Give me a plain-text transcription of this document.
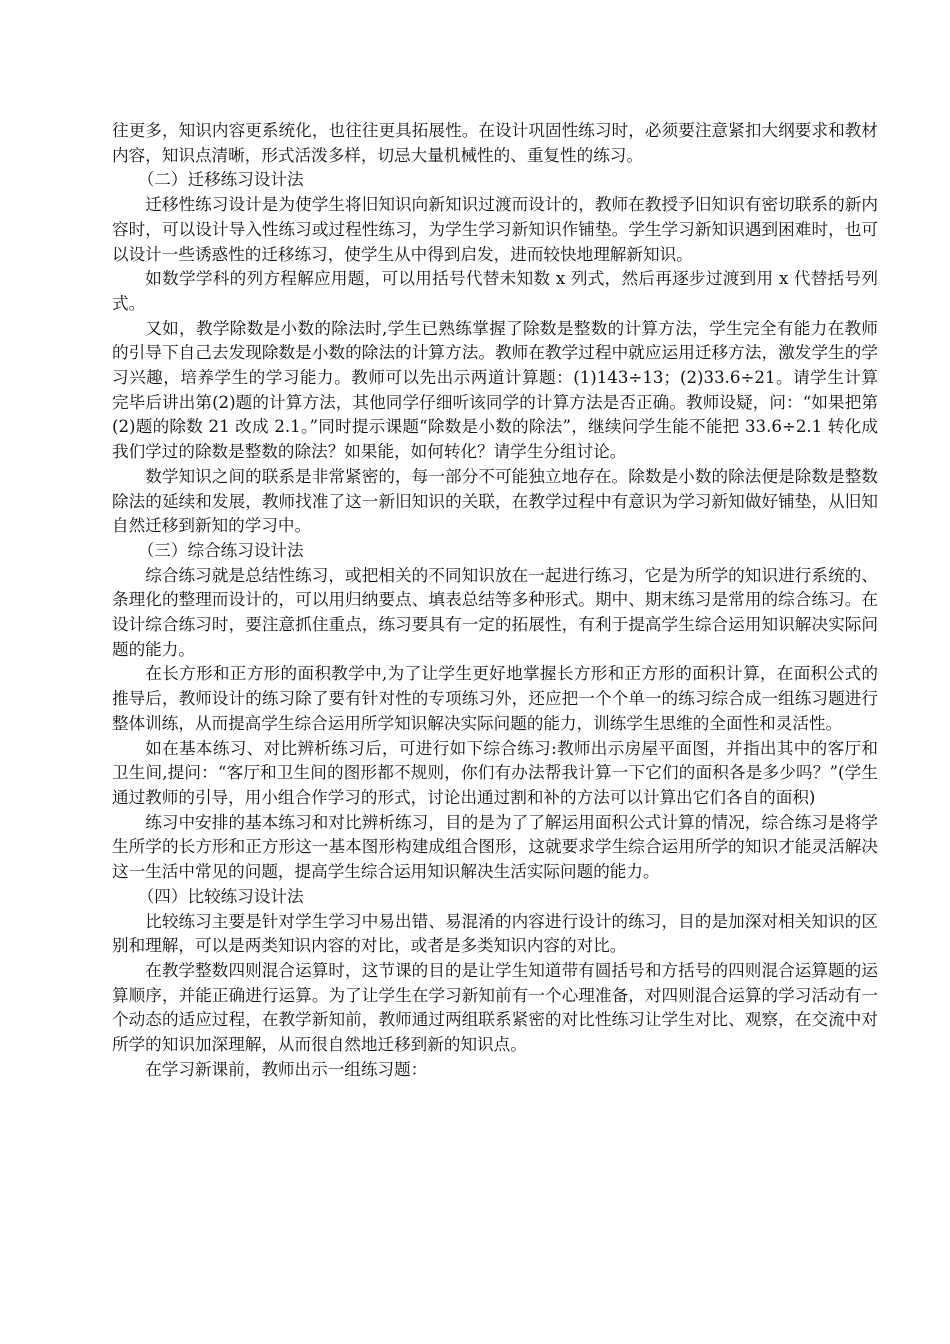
往更多，知识内容更系统化，也往往更具拓展性。在设计巩固性练习时，必须要注意紧扣大纲要求和教材内容，知识点清晰，形式活泼多样，切忌大量机械性的、重复性的练习。

（二）迁移练习设计法

迁移性练习设计是为使学生将旧知识向新知识过渡而设计的，教师在教授予旧知识有密切联系的新内容时，可以设计导入性练习或过程性练习，为学生学习新知识作铺垫。学生学习新知识遇到困难时，也可以设计一些诱惑性的迁移练习，使学生从中得到启发，进而较快地理解新知识。

如数学学科的列方程解应用题，可以用括号代替未知数 x 列式，然后再逐步过渡到用 x 代替括号列式。

又如，教学除数是小数的除法时,学生已熟练掌握了除数是整数的计算方法，学生完全有能力在教师的引导下自己去发现除数是小数的除法的计算方法。教师在教学过程中就应运用迁移方法，激发学生的学习兴趣，培养学生的学习能力。教师可以先出示两道计算题：(1)143÷13；(2)33.6÷21。请学生计算完毕后讲出第(2)题的计算方法，其他同学仔细听该同学的计算方法是否正确。教师设疑，问：“如果把第(2)题的除数 21 改成 2.1。”同时提示课题“除数是小数的除法”，继续问学生能不能把 33.6÷2.1 转化成我们学过的除数是整数的除法？如果能，如何转化？请学生分组讨论。

数学知识之间的联系是非常紧密的，每一部分不可能独立地存在。除数是小数的除法便是除数是整数除法的延续和发展，教师找准了这一新旧知识的关联，在教学过程中有意识为学习新知做好铺垫，从旧知自然迁移到新知的学习中。

（三）综合练习设计法

综合练习就是总结性练习，或把相关的不同知识放在一起进行练习，它是为所学的知识进行系统的、条理化的整理而设计的，可以用归纳要点、填表总结等多种形式。期中、期末练习是常用的综合练习。在设计综合练习时，要注意抓住重点，练习要具有一定的拓展性，有利于提高学生综合运用知识解决实际问题的能力。

在长方形和正方形的面积教学中,为了让学生更好地掌握长方形和正方形的面积计算，在面积公式的推导后，教师设计的练习除了要有针对性的专项练习外，还应把一个个单一的练习综合成一组练习题进行整体训练，从而提高学生综合运用所学知识解决实际问题的能力，训练学生思维的全面性和灵活性。

如在基本练习、对比辨析练习后，可进行如下综合练习:教师出示房屋平面图，并指出其中的客厅和卫生间,提问：“客厅和卫生间的图形都不规则，你们有办法帮我计算一下它们的面积各是多少吗？”(学生通过教师的引导，用小组合作学习的形式，讨论出通过割和补的方法可以计算出它们各自的面积)

练习中安排的基本练习和对比辨析练习，目的是为了了解运用面积公式计算的情况，综合练习是将学生所学的长方形和正方形这一基本图形构建成组合图形，这就要求学生综合运用所学的知识才能灵活解决这一生活中常见的问题，提高学生综合运用知识解决生活实际问题的能力。

（四）比较练习设计法

比较练习主要是针对学生学习中易出错、易混淆的内容进行设计的练习，目的是加深对相关知识的区别和理解，可以是两类知识内容的对比，或者是多类知识内容的对比。

在教学整数四则混合运算时，这节课的目的是让学生知道带有圆括号和方括号的四则混合运算题的运算顺序，并能正确进行运算。为了让学生在学习新知前有一个心理准备，对四则混合运算的学习活动有一个动态的适应过程，在教学新知前，教师通过两组联系紧密的对比性练习让学生对比、观察，在交流中对所学的知识加深理解，从而很自然地迁移到新的知识点。

在学习新课前，教师出示一组练习题：
